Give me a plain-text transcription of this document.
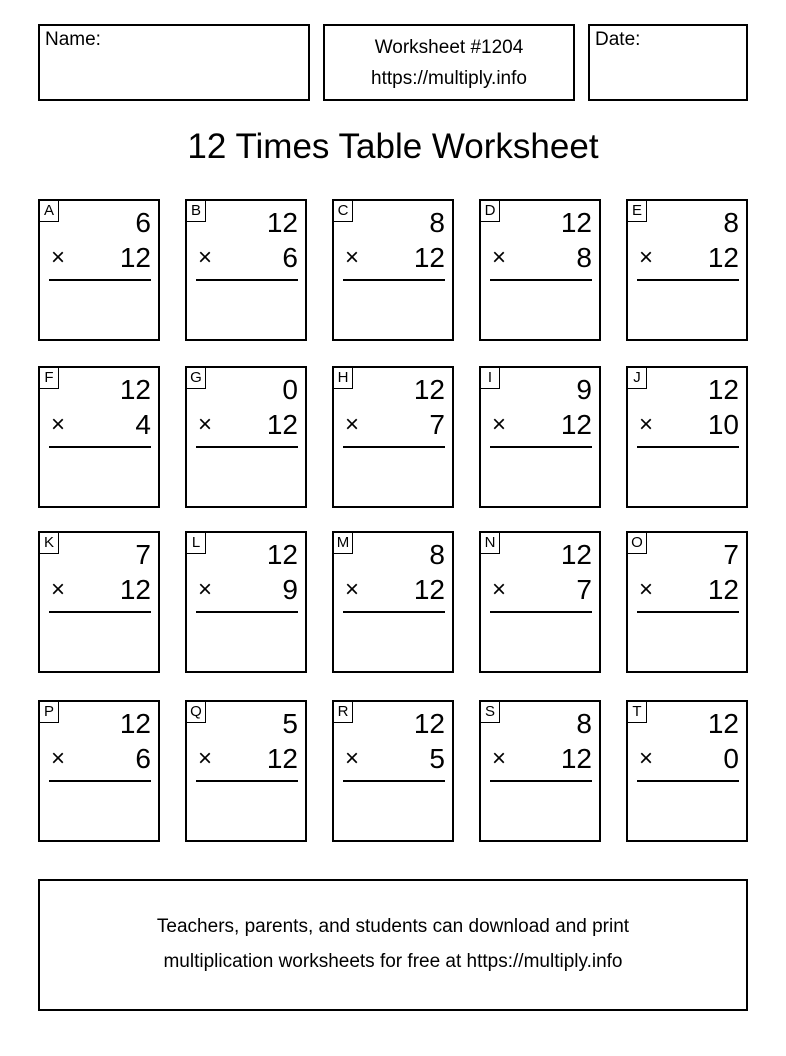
Name:	Worksheet #1204
https://multiply.info
Date:
12 Times Table Worksheet
A	6
× 12
B 12
×	6
C	8
× 12
D 12
×	8
E	8
× 12
F 12
×	4
G	0
× 12
H 12
×	7
I	9
× 12
J 12
× 10
K	7
× 12
L 12
×	9
M	8
× 12
N 12
×	7
O	7
× 12
P 12
×	6
Q	5
× 12
R 12
×	5
S	8
× 12
T 12
×	0
Teachers, parents, and students can download and print
multiplication worksheets for free at https://multiply.info
